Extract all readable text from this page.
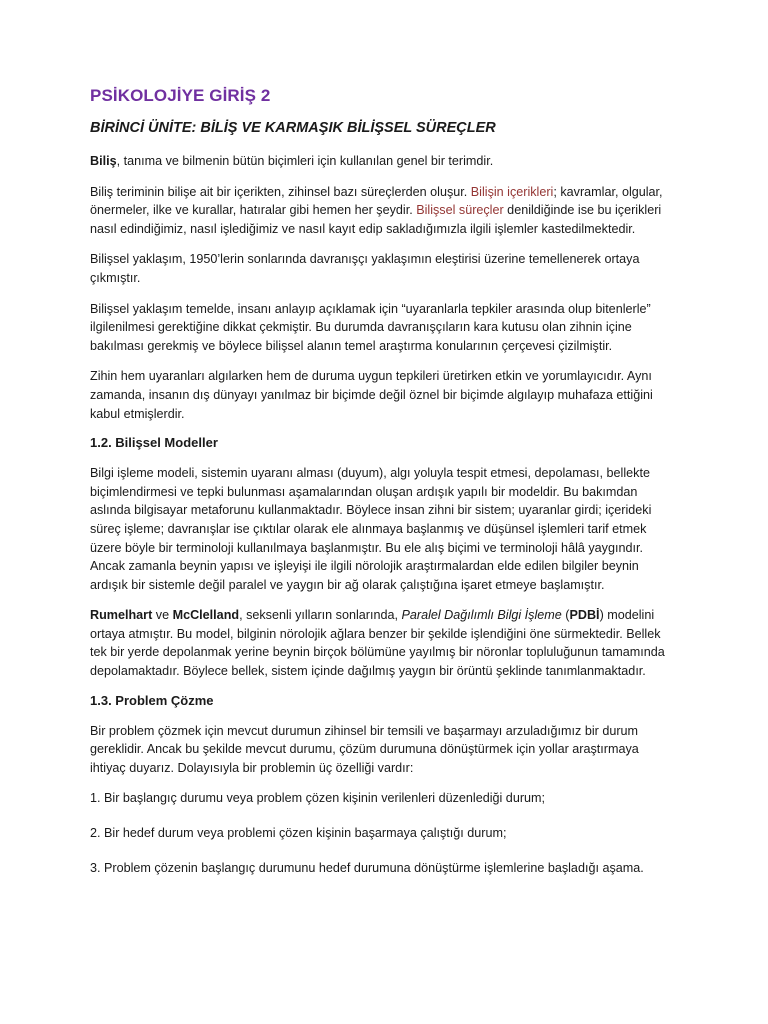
PSİKOLOJİYE GİRİŞ 2
BİRİNCİ ÜNİTE: BİLİŞ VE KARMAŞIK BİLİŞSEL SÜREÇLER

Biliş, tanıma ve bilmenin bütün biçimleri için kullanılan genel bir terimdir.

Biliş teriminin bilişe ait bir içerikten, zihinsel bazı süreçlerden oluşur. Bilişin içerikleri; kavramlar, olgular, önermeler, ilke ve kurallar, hatıralar gibi hemen her şeydir. Bilişsel süreçler denildiğinde ise bu içerikleri nasıl edindiğimiz, nasıl işlediğimiz ve nasıl kayıt edip sakladığımızla ilgili işlemler kastedilmektedir.

Bilişsel yaklaşım, 1950’lerin sonlarında davranışçı yaklaşımın eleştirisi üzerine temellenerek ortaya çıkmıştır.

Bilişsel yaklaşım temelde, insanı anlayıp açıklamak için “uyaranlarla tepkiler arasında olup bitenlerle” ilgilenilmesi gerektiğine dikkat çekmiştir. Bu durumda davranışçıların kara kutusu olan zihnin içine bakılması gerekmiş ve böylece bilişsel alanın temel araştırma konularının çerçevesi çizilmiştir.

Zihin hem uyaranları algılarken hem de duruma uygun tepkileri üretirken etkin ve yorumlayıcıdır. Aynı zamanda, insanın dış dünyayı yanılmaz bir biçimde değil öznel bir biçimde algılayıp muhafaza ettiğini kabul etmişlerdir.

1.2. Bilişsel Modeller

Bilgi işleme modeli, sistemin uyaranı alması (duyum), algı yoluyla tespit etmesi, depolaması, bellekte biçimlendirmesi ve tepki bulunması aşamalarından oluşan ardışık yapılı bir modeldir. Bu bakımdan aslında bilgisayar metaforunu kullanmaktadır. Böylece insan zihni bir sistem; uyaranlar girdi; içerideki süreç işleme; davranışlar ise çıktılar olarak ele alınmaya başlanmış ve düşünsel işlemleri tarif etmek üzere böyle bir terminoloji kullanılmaya başlanmıştır. Bu ele alış biçimi ve terminoloji hâlâ yaygındır. Ancak zamanla beynin yapısı ve işleyişi ile ilgili nörolojik araştırmalardan elde edilen bilgiler beynin ardışık bir sistemle değil paralel ve yaygın bir ağ olarak çalıştığına işaret etmeye başlamıştır.

Rumelhart ve McClelland, seksenli yılların sonlarında, Paralel Dağılımlı Bilgi İşleme (PDBİ) modelini ortaya atmıştır. Bu model, bilginin nörolojik ağlara benzer bir şekilde işlendiğini öne sürmektedir. Bellek tek bir yerde depolanmak yerine beynin birçok bölümüne yayılmış bir nöronlar topluluğunun tamamında depolamaktadır. Böylece bellek, sistem içinde dağılmış yaygın bir örüntü şeklinde tanımlanmaktadır.

1.3. Problem Çözme

Bir problem çözmek için mevcut durumun zihinsel bir temsili ve başarmayı arzuladığımız bir durum gereklidir. Ancak bu şekilde mevcut durumu, çözüm durumuna dönüştürmek için yollar araştırmaya ihtiyaç duyarız. Dolayısıyla bir problemin üç özelliği vardır:

1. Bir başlangıç durumu veya problem çözen kişinin verilenleri düzenlediği durum;

2. Bir hedef durum veya problemi çözen kişinin başarmaya çalıştığı durum;

3. Problem çözenin başlangıç durumunu hedef durumuna dönüştürme işlemlerine başladığı aşama.
